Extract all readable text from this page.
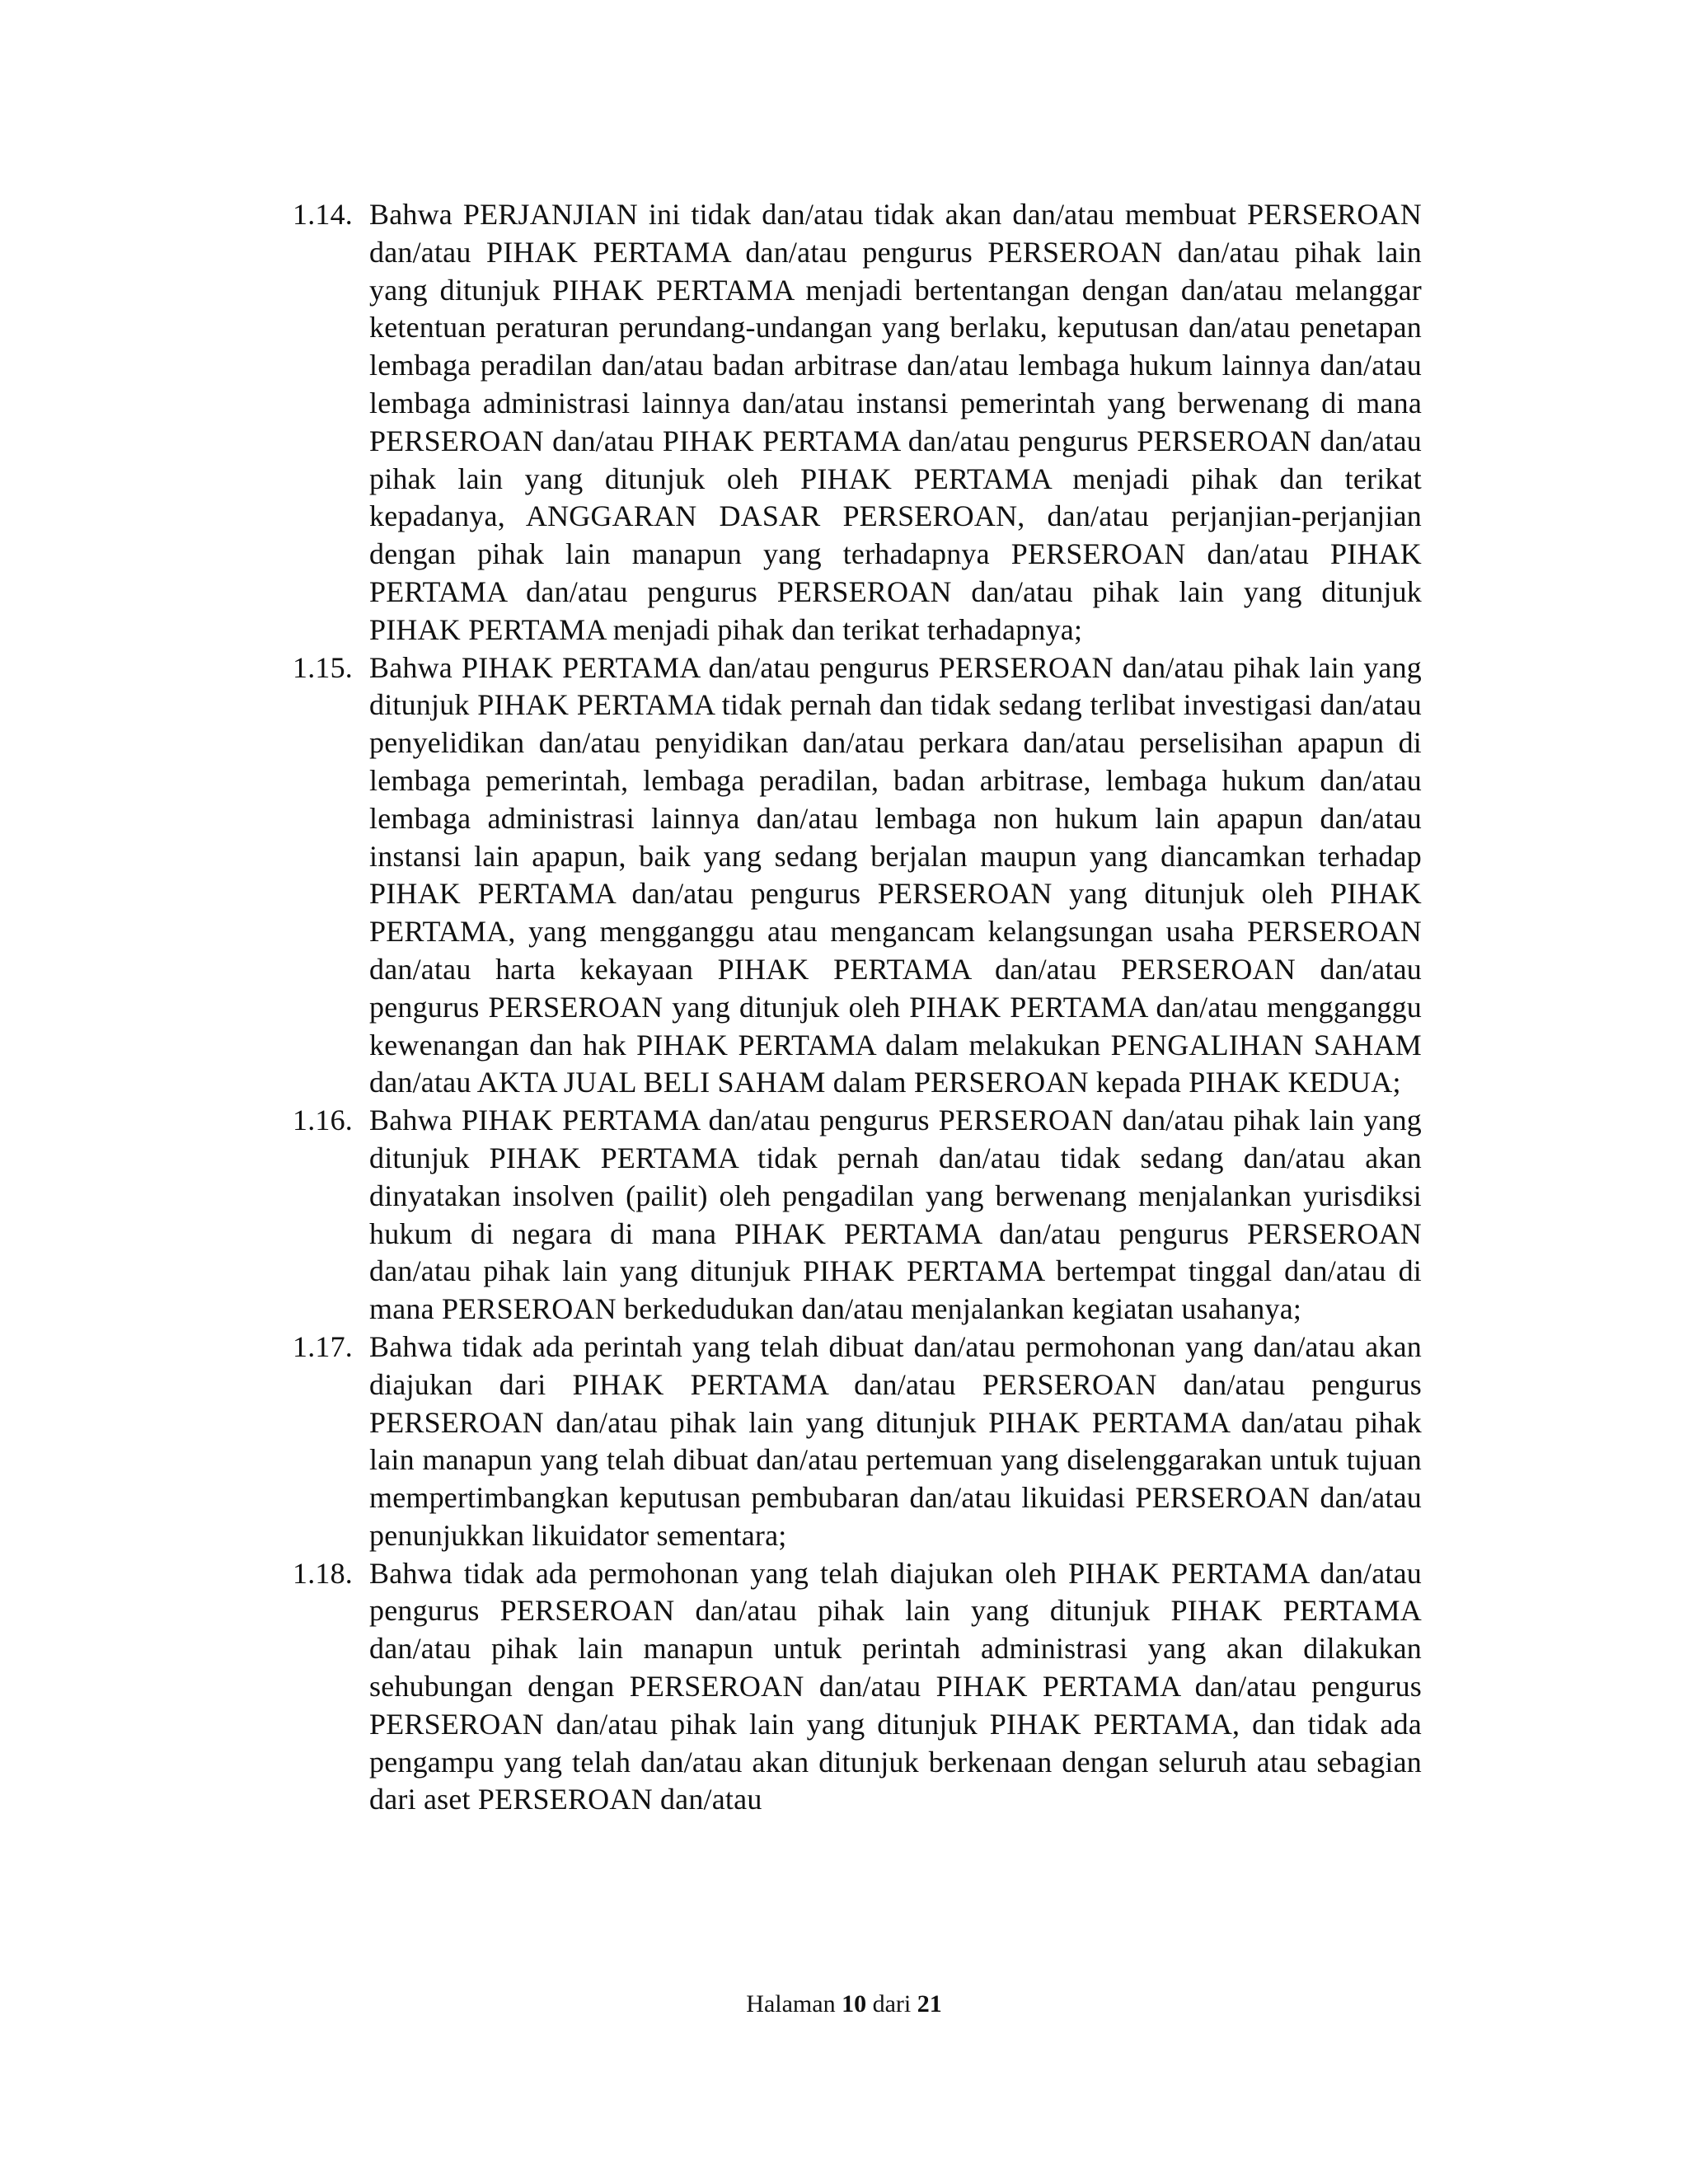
1.14. Bahwa PERJANJIAN ini tidak dan/atau tidak akan dan/atau membuat PERSEROAN dan/atau PIHAK PERTAMA dan/atau pengurus PERSEROAN dan/atau pihak lain yang ditunjuk PIHAK PERTAMA menjadi bertentangan dengan dan/atau melanggar ketentuan peraturan perundang-undangan yang berlaku, keputusan dan/atau penetapan lembaga peradilan dan/atau badan arbitrase dan/atau lembaga hukum lainnya dan/atau lembaga administrasi lainnya dan/atau instansi pemerintah yang berwenang di mana PERSEROAN dan/atau PIHAK PERTAMA dan/atau pengurus PERSEROAN dan/atau pihak lain yang ditunjuk oleh PIHAK PERTAMA menjadi pihak dan terikat kepadanya, ANGGARAN DASAR PERSEROAN, dan/atau perjanjian-perjanjian dengan pihak lain manapun yang terhadapnya PERSEROAN dan/atau PIHAK PERTAMA dan/atau pengurus PERSEROAN dan/atau pihak lain yang ditunjuk PIHAK PERTAMA menjadi pihak dan terikat terhadapnya;
1.15. Bahwa PIHAK PERTAMA dan/atau pengurus PERSEROAN dan/atau pihak lain yang ditunjuk PIHAK PERTAMA tidak pernah dan tidak sedang terlibat investigasi dan/atau penyelidikan dan/atau penyidikan dan/atau perkara dan/atau perselisihan apapun di lembaga pemerintah, lembaga peradilan, badan arbitrase, lembaga hukum dan/atau lembaga administrasi lainnya dan/atau lembaga non hukum lain apapun dan/atau instansi lain apapun, baik yang sedang berjalan maupun yang diancamkan terhadap PIHAK PERTAMA dan/atau pengurus PERSEROAN yang ditunjuk oleh PIHAK PERTAMA, yang mengganggu atau mengancam kelangsungan usaha PERSEROAN dan/atau harta kekayaan PIHAK PERTAMA dan/atau PERSEROAN dan/atau pengurus PERSEROAN yang ditunjuk oleh PIHAK PERTAMA dan/atau mengganggu kewenangan dan hak PIHAK PERTAMA dalam melakukan PENGALIHAN SAHAM dan/atau AKTA JUAL BELI SAHAM dalam PERSEROAN kepada PIHAK KEDUA;
1.16. Bahwa PIHAK PERTAMA dan/atau pengurus PERSEROAN dan/atau pihak lain yang ditunjuk PIHAK PERTAMA tidak pernah dan/atau tidak sedang dan/atau akan dinyatakan insolven (pailit) oleh pengadilan yang berwenang menjalankan yurisdiksi hukum di negara di mana PIHAK PERTAMA dan/atau pengurus PERSEROAN dan/atau pihak lain yang ditunjuk PIHAK PERTAMA bertempat tinggal dan/atau di mana PERSEROAN berkedudukan dan/atau menjalankan kegiatan usahanya;
1.17. Bahwa tidak ada perintah yang telah dibuat dan/atau permohonan yang dan/atau akan diajukan dari PIHAK PERTAMA dan/atau PERSEROAN dan/atau pengurus PERSEROAN dan/atau pihak lain yang ditunjuk PIHAK PERTAMA dan/atau pihak lain manapun yang telah dibuat dan/atau pertemuan yang diselenggarakan untuk tujuan mempertimbangkan keputusan pembubaran dan/atau likuidasi PERSEROAN dan/atau penunjukkan likuidator sementara;
1.18. Bahwa tidak ada permohonan yang telah diajukan oleh PIHAK PERTAMA dan/atau pengurus PERSEROAN dan/atau pihak lain yang ditunjuk PIHAK PERTAMA dan/atau pihak lain manapun untuk perintah administrasi yang akan dilakukan sehubungan dengan PERSEROAN dan/atau PIHAK PERTAMA dan/atau pengurus PERSEROAN dan/atau pihak lain yang ditunjuk PIHAK PERTAMA, dan tidak ada pengampu yang telah dan/atau akan ditunjuk berkenaan dengan seluruh atau sebagian dari aset PERSEROAN dan/atau
Halaman 10 dari 21
